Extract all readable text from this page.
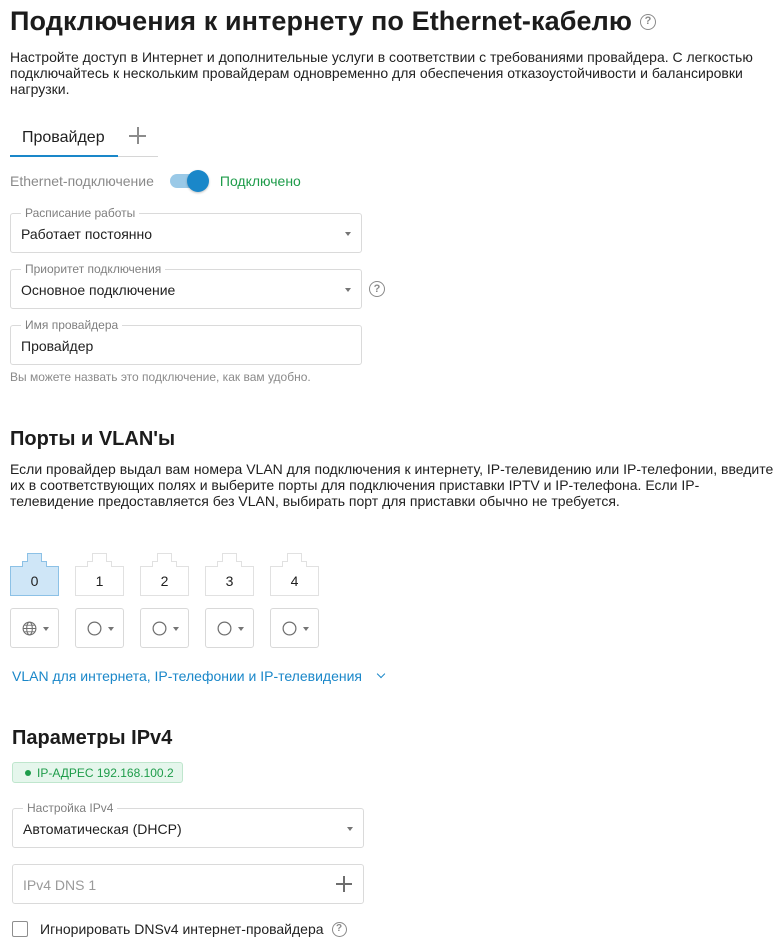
Подключения к интернету по Ethernet-кабелю	?
Настройте доступ в Интернет и дополнительные услуги в соответствии с требованиями провайдера. С легкостью
подключайтесь к нескольким провайдерам одновременно для обеспечения отказоустойчивости и балансировки
нагрузки.
Провайдер
Ethernet-подключение	Подключено
Расписание работы
Работает постоянно
Приоритет подключения
Основное подключение	?
Имя провайдера
Провайдер
Вы можете назвать это подключение, как вам удобно.
Порты и VLAN'ы
Если провайдер выдал вам номера VLAN для подключения к интернету, IP-телевидению или IP-телефонии, введите
их в соответствующих полях и выберите порты для подключения приставки IPTV и IP-телефона. Если IP-
телевидение предоставляется без VLAN, выбирать порт для приставки обычно не требуется.
0	1	2	3	4
VLAN для интернета, IP-телефонии и IP-телевидения
Параметры IPv4
IP-АДРЕС 192.168.100.2
Настройка IPv4
Автоматическая (DHCP)
IPv4 DNS 1
Игнорировать DNSv4 интернет-провайдера	?
